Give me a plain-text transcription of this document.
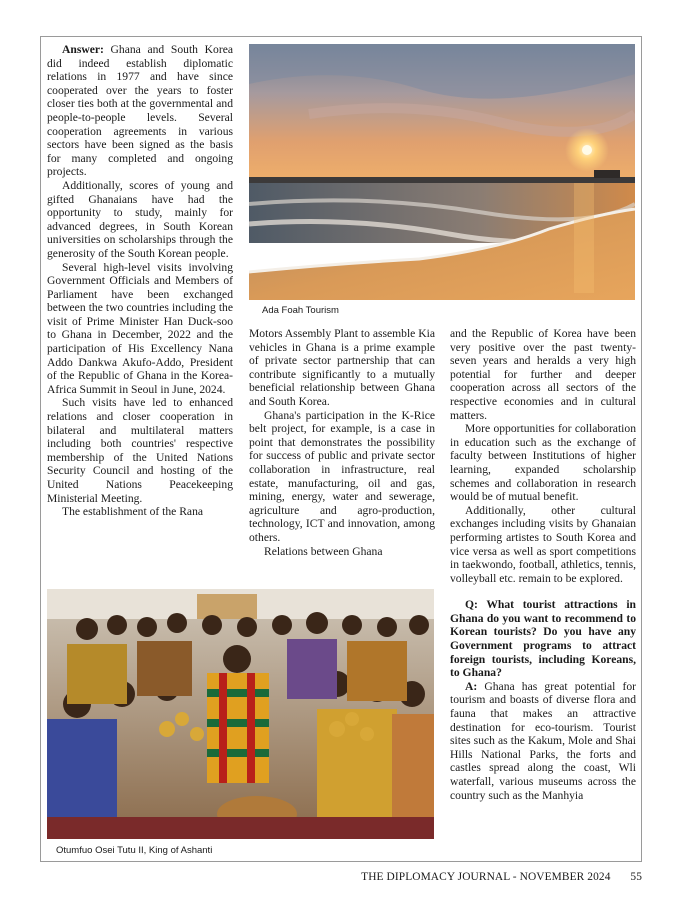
Answer: Ghana and South Korea did indeed establish diplomatic relations in 1977 and have since cooperated over the years to foster closer ties both at the governmental and people-to-people levels. Several cooperation agreements in various sectors have been signed as the basis for many completed and ongoing projects.

Additionally, scores of young and gifted Ghanaians have had the opportunity to study, mainly for advanced degrees, in South Korean universities on scholarships through the generosity of the South Korean people.

Several high-level visits involving Government Officials and Members of Parliament have been exchanged between the two countries including the visit of Prime Minister Han Duck-soo to Ghana in December, 2022 and the participation of His Excellency Nana Addo Dankwa Akufo-Addo, President of the Republic of Ghana in the Korea-Africa Summit in Seoul in June, 2024.

Such visits have led to enhanced relations and closer cooperation in bilateral and multilateral matters including both countries' respective membership of the United Nations Security Council and hosting of the United Nations Peacekeeping Ministerial Meeting.

The establishment of the Rana

Ada Foah Tourism

Motors Assembly Plant to assemble Kia vehicles in Ghana is a prime example of private sector partnership that can contribute significantly to a mutually beneficial relationship between Ghana and South Korea.

Ghana's participation in the K-Rice belt project, for example, is a case in point that demonstrates the possibility for success of public and private sector collaboration in infrastructure, real estate, manufacturing, oil and gas, mining, energy, water and sewerage, agriculture and agro-production, technology, ICT and innovation, among others.

Relations between Ghana

and the Republic of Korea have been very positive over the past twenty-seven years and heralds a very high potential for further and deeper cooperation across all sectors of the respective economies and in cultural matters.

More opportunities for collaboration in education such as the exchange of faculty between Institutions of higher learning, expanded scholarship schemes and collaboration in research would be of mutual benefit.

Additionally, other cultural exchanges including visits by Ghanaian performing artistes to South Korea and vice versa as well as sport competitions in taekwondo, football, athletics, tennis, volleyball etc. remain to be explored.

Q: What tourist attractions in Ghana do you want to recommend to Korean tourists? Do you have any Government programs to attract foreign tourists, including Koreans, to Ghana?

A: Ghana has great potential for tourism and boasts of diverse flora and fauna that makes an attractive destination for eco-tourism. Tourist sites such as the Kakum, Mole and Shai Hills National Parks, the forts and castles spread along the coast, Wli waterfall, various museums across the country such as the Manhyia

Otumfuo Osei Tutu II, King of Ashanti
THE DIPLOMACY JOURNAL - NOVEMBER 2024 55
